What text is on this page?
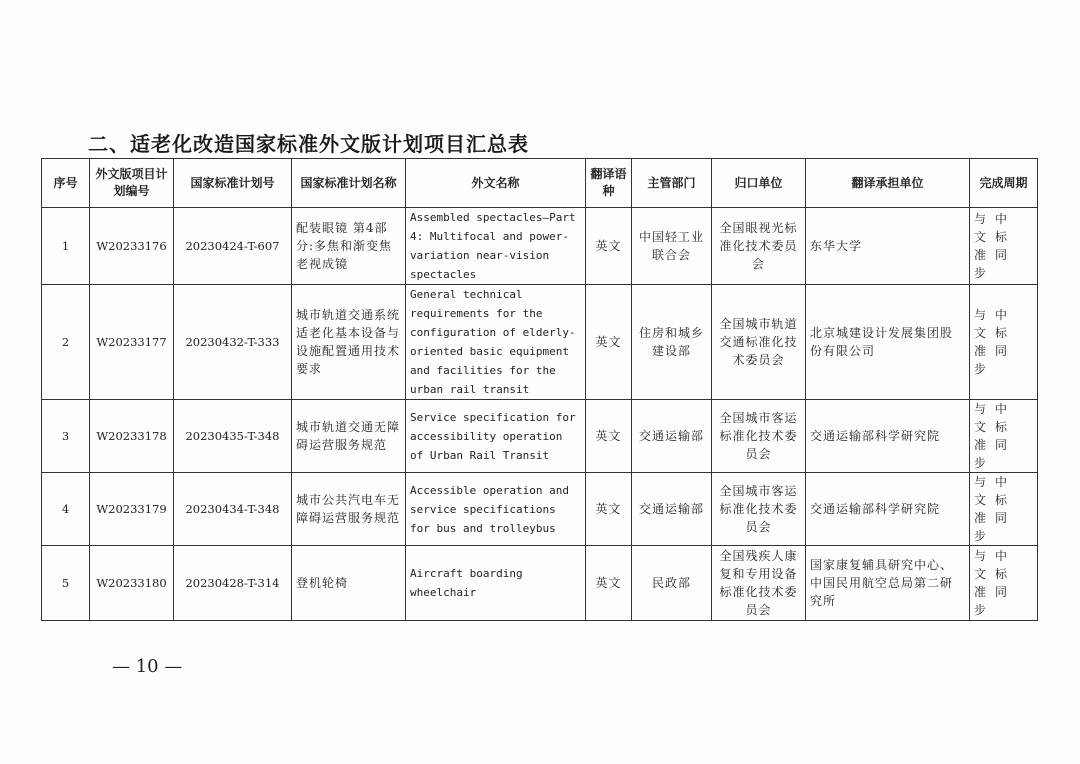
二、适老化改造国家标准外文版计划项目汇总表
序号	外文版项目计划编号	国家标准计划号	国家标准计划名称	外文名称	翻译语种	主管部门	归口单位	翻译承担单位	完成周期
1	W20233176	20230424-T-607	配装眼镜 第4部分:多焦和渐变焦老视成镜	Assembled spectacles—Part 4: Multifocal and power-variation near-vision spectacles	英文	中国轻工业联合会	全国眼视光标准化技术委员会	东华大学	与中文标准同步
2	W20233177	20230432-T-333	城市轨道交通系统适老化基本设备与设施配置通用技术要求	General technical requirements for the configuration of elderly-oriented basic equipment and facilities for the urban rail transit	英文	住房和城乡建设部	全国城市轨道交通标准化技术委员会	北京城建设计发展集团股份有限公司	与中文标准同步
3	W20233178	20230435-T-348	城市轨道交通无障碍运营服务规范	Service specification for accessibility operation of Urban Rail Transit	英文	交通运输部	全国城市客运标准化技术委员会	交通运输部科学研究院	与中文标准同步
4	W20233179	20230434-T-348	城市公共汽电车无障碍运营服务规范	Accessible operation and service specifications for bus and trolleybus	英文	交通运输部	全国城市客运标准化技术委员会	交通运输部科学研究院	与中文标准同步
5	W20233180	20230428-T-314	登机轮椅	Aircraft boarding wheelchair	英文	民政部	全国残疾人康复和专用设备标准化技术委员会	国家康复辅具研究中心、中国民用航空总局第二研究所	与中文标准同步
— 10 —
